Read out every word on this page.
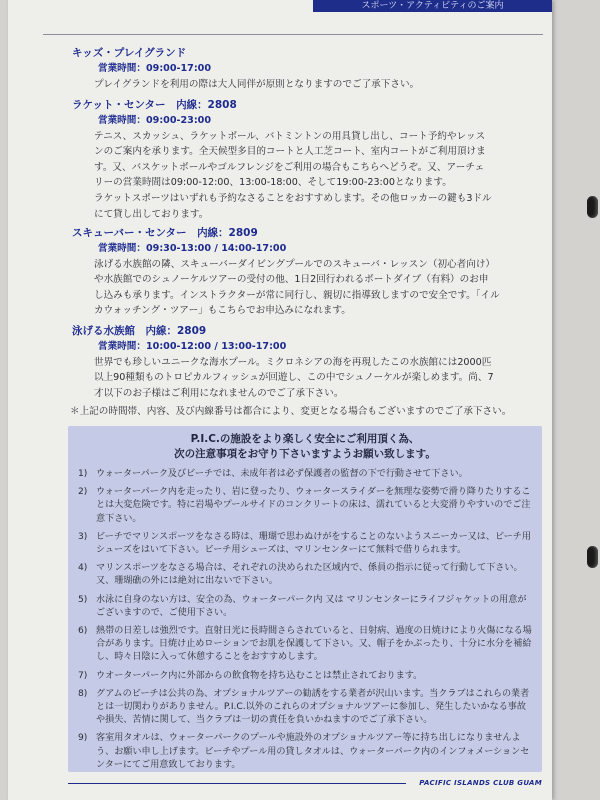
スポーツ・アクティビティのご案内
キッズ・プレイグランド
営業時間：09:00-17:00

プレイグランドを利用の際は大人同伴が原則となりますのでご了承下さい。

ラケット・センター　 内線：2808
営業時間：09:00-23:00

テニス、スカッシュ、ラケットボール、バトミントンの用具貸し出し、コート予約やレッス

ンのご案内を承ります。全天候型多目的コートと人工芝コート、室内コートがご利用頂けま

す。又、バスケットボールやゴルフレンジをご利用の場合もこちらへどうぞ。又、アーチェ

リーの営業時間は09:00-12:00、13:00-18:00、そして19:00-23:00となります。

ラケットスポーツはいずれも予約なさることをおすすめします。その他ロッカーの鍵も3ドル

にて貸し出しております。

スキューバー・センター　 内線：2809
営業時間：09:30-13:00 / 14:00-17:00

泳げる水族館の隣、スキューバーダイビングプールでのスキューバ・レッスン（初心者向け）

や水族館でのシュノーケルツアーの受付の他、1日2回行われるボートダイブ（有料）のお申

し込みも承ります。インストラクターが常に同行し、親切に指導致しますので安全です。「イル

カウォッチング・ツアー」もこちらでお申込みになれます。

泳げる水族館　 内線：2809
営業時間：10:00-12:00 / 13:00-17:00

世界でも珍しいユニークな海水プール。ミクロネシアの海を再現したこの水族館には2000匹

以上90種類ものトロピカルフィッシュが回遊し、この中でシュノーケルが楽しめます。尚、7

才以下のお子様はご利用になれませんのでご了承下さい。

＊上記の時間帯、内容、及び内線番号は都合により、変更となる場合もございますのでご了承下さい。
P.I.C.の施設をより楽しく安全にご利用頂く為、
次の注意事項をお守り下さいますようお願い致します。
1) ウォーターパーク及びビーチでは、未成年者は必ず保護者の監督の下で行動させて下さい。
2) ウォーターパーク内を走ったり、岩に登ったり、ウォータースライダーを無理な姿勢で滑り降りたりすることは大変危険です。特に岩場やプールサイドのコンクリートの床は、濡れていると大変滑りやすいのでご注意下さい。
3) ビーチでマリンスポーツをなさる時は、珊瑚で思わぬけがをすることのないようスニーカー又は、ビーチ用シューズをはいて下さい。ビーチ用シューズは、マリンセンターにて無料で借りられます。
4) マリンスポーツをなさる場合は、それぞれの決められた区域内で、係員の指示に従って行動して下さい。又、珊瑚礁の外には絶対に出ないで下さい。
5) 水泳に自身のない方は、安全の為、ウォーターパーク内 又は マリンセンターにライフジャケットの用意がございますので、ご使用下さい。
6) 熱帯の日差しは強烈です。直射日光に長時間さらされていると、日射病、過度の日焼けにより火傷になる場合があります。日焼け止めローションでお肌を保護して下さい。又、帽子をかぶったり、十分に水分を補給し、時々日陰に入って休憩することをおすすめします。
7) ウオーターパーク内に外部からの飲食物を持ち込むことは禁止されております。
8) グアムのビーチは公共の為、オプショナルツアーの勧誘をする業者が沢山います。当クラブはこれらの業者とは一切関わりがありません。P.I.C.以外のこれらのオプショナルツアーに参加し、発生したいかなる事故や損失、苦情に関して、当クラブは一切の責任を負いかねますのでご了承下さい。
9) 客室用タオルは、ウォーターパークのプールや施設外のオプショナルツアー等に持ち出しになりませんよう、お願い申し上げます。ビーチやプール用の貸しタオルは、ウォーターパーク内のインフォメーションセンターにてご用意致しております。
PACIFIC ISLANDS CLUB GUAM
